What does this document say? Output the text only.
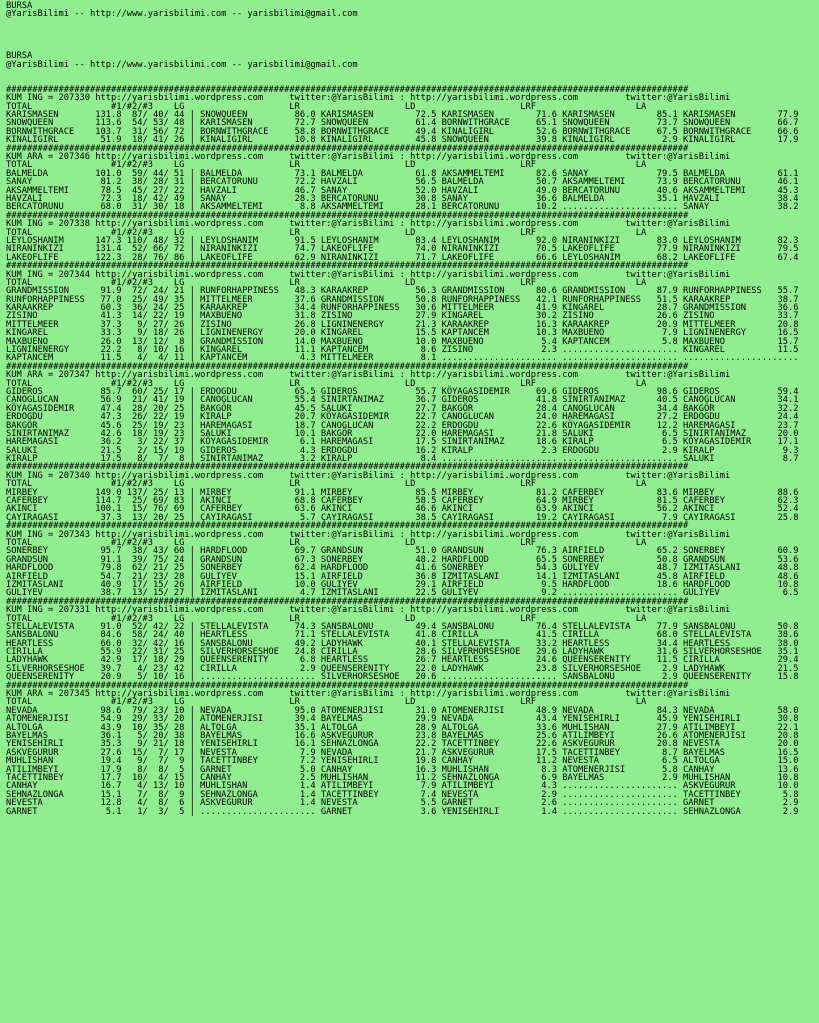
BURSA
@YarisBilimi -- http://www.yarisbilimi.com -- yarisbilimi@gmail.com
BURSA
@YarisBilimi -- http://www.yarisbilimi.com -- yarisbilimi@gmail.com
##################################################################################################################################
KUM ING = 207330 http://yarisbilimi.wordpress.com     twitter:@YarisBilimi : http://yarisbilimi.wordpress.com         twitter:@YarisBilimi
TOTAL               #1/#2/#3    LG                    LR                    LD                    LRF                   LA
KARISMASEN       131.8  87/ 40/ 44 | SNOWQUEEN         86.0 KARISMASEN        72.5 KARISMASEN        71.6 KARISMASEN        85.1 KARISMASEN        77.9
SNOWQUEEN        113.6  54/ 53/ 48 | KARISMASEN        72.7 SNOWQUEEN         61.4 BORNWITHGRACE     65.1 SNOWQUEEN         73.7 SNOWQUEEN         66.7
BORNWITHGRACE    103.7  31/ 56/ 72 | BORNWITHGRACE     58.8 BORNWITHGRACE     49.4 KINALIGIRL        52.6 BORNWITHGRACE     67.5 BORNWITHGRACE     66.6
KINALIGIRL        51.9  18/ 41/ 26 | KINALIGIRL        10.8 KINALIGIRL        45.8 SNOWQUEEN         39.8 KINALIGIRL         2.9 KINALIGIRL        17.9
##################################################################################################################################
KUM ARA = 207346 http://yarisbilimi.wordpress.com     twitter:@YarisBilimi : http://yarisbilimi.wordpress.com         twitter:@YarisBilimi
TOTAL               #1/#2/#3    LG                    LR                    LD                    LRF                   LA
BALMELDA         101.0  59/ 44/ 51 | BALMELDA          73.1 BALMELDA          61.8 AKSAMMELTEMI      82.6 SANAY             79.5 BALMELDA          61.1
SANAY             81.2  38/ 28/ 31 | BERCATORUNU       72.2 HAVZALI           56.5 BALMELDA          50.7 AKSAMMELTEMI      73.9 BERCATORUNU       46.1
AKSAMMELTEMI      78.5  45/ 27/ 22 | HAVZALI           46.7 SANAY             52.0 HAVZALI           49.0 BERCATORUNU       40.6 AKSAMMELTEMI      45.3
HAVZALI           72.3  18/ 42/ 49 | SANAY             28.3 BERCATORUNU       30.8 SANAY             36.6 BALMELDA          35.1 HAVZALI           38.4
BERCATORUNU       68.0  31/ 30/ 18 | AKSAMMELTEMI       8.8 AKSAMMELTEMI      28.1 BERCATORUNU       10.2 ...................... SANAY             38.2
##################################################################################################################################
KUM ING = 207338 http://yarisbilimi.wordpress.com     twitter:@YarisBilimi : http://yarisbilimi.wordpress.com         twitter:@YarisBilimi
TOTAL               #1/#2/#3    LG                    LR                    LD                    LRF                   LA
LEYLOSHANIM      147.3 110/ 48/ 32 | LEYLOSHANIM       91.5 LEYLOSHANIM       83.4 LEYLOSHANIM       92.0 NIRANINKIZI       83.0 LEYLOSHANIM       82.3
NIRANINKIZI      131.4  52/ 66/ 72 | NIRANINKIZI       74.7 LAKEOFLIFE        74.0 NIRANINKIZI       70.5 LAKEOFLIFE        77.9 NIRANINKIZI       79.5
LAKEOFLIFE       122.3  28/ 76/ 86 | LAKEOFLIFE        62.9 NIRANINKIZI       71.7 LAKEOFLIFE        66.6 LEYLOSHANIM       68.2 LAKEOFLIFE        67.4
##################################################################################################################################
KUM ING = 207344 http://yarisbilimi.wordpress.com     twitter:@YarisBilimi : http://yarisbilimi.wordpress.com         twitter:@YarisBilimi
TOTAL               #1/#2/#3    LG                    LR                    LD                    LRF                   LA
GRANDMISSION      91.9  72/ 24/ 21 | RUNFORHAPPINESS   48.3 KARAAKREP         56.3 GRANDMISSION      80.6 GRANDMISSION      87.9 RUNFORHAPPINESS   55.7
RUNFORHAPPINESS   77.0  25/ 49/ 35 | MITTELMEER        37.6 GRANDMISSION      50.8 RUNFORHAPPINESS   42.1 RUNFORHAPPINESS   51.5 KARAAKREP         38.7
KARAAKREP         60.3  36/ 24/ 25 | KARAAKREP         34.4 RUNFORHAPPINESS   30.6 MITTELMEER        41.9 KINGAREL          28.7 GRANDMISSION      36.6
ZISINO            41.3  14/ 22/ 19 | MAXBUENO          31.8 ZISINO            27.9 KINGAREL          30.2 ZISINO            26.6 ZISINO            33.7
MITTELMEER        37.3   9/ 27/ 26 | ZISINO            26.8 LIGNINENERGY      21.3 KARAAKREP         16.3 KARAAKREP         20.9 MITTELMEER        20.8
KINGAREL          33.3   9/ 18/ 26 | LIGNINENERGY      20.0 KINGAREL          15.5 KAPTANCEM         10.3 MAXBUENO           7.9 LIGNINENERGY      16.5
MAXBUENO          26.0  13/ 12/  8 | GRANDMISSION      14.0 MAXBUENO          10.0 MAXBUENO           5.4 KAPTANCEM          5.8 MAXBUENO          15.7
LIGNINENERGY      22.2   8/ 10/ 16 | KINGAREL          11.1 KAPTANCEM          8.6 ZISINO             2.3 ...................... KINGAREL          11.5
KAPTANCEM         11.5   4/  4/ 11 | KAPTANCEM          4.3 MITTELMEER         8.1 ...................... ...................... ......................
##################################################################################################################################
KUM ARA = 207347 http://yarisbilimi.wordpress.com     twitter:@YarisBilimi : http://yarisbilimi.wordpress.com         twitter:@YarisBilimi
TOTAL               #1/#2/#3    LG                    LR                    LD                    LRF                   LA
GIDEROS           85.7  60/ 25/ 17 | ERDOGDU           65.5 GIDEROS           55.7 KÖYAGASIDEMIR     69.6 GIDEROS           98.6 GIDEROS           59.4
CANOGLUCAN        56.9  21/ 41/ 19 | CANOGLUCAN        55.4 SINIRTANIMAZ      36.7 GIDEROS           41.8 SINIRTANIMAZ      40.5 CANOGLUCAN        34.1
KÖYAGASIDEMIR     47.4  28/ 20/ 25 | BAKGÖR            45.5 SALUKI            27.7 BAKGÖR            28.4 CANOGLUCAN        34.4 BAKGÖR            32.2
ERDOGDU           47.3  26/ 22/ 19 | KIRALP            20.7 KÖYAGASIDEMIR     22.7 CANOGLUCAN        24.0 HAREMAGASI        27.2 ERDOGDU           24.4
BAKGÖR            45.6  25/ 19/ 23 | HAREMAGASI        18.7 CANOGLUCAN        22.2 ERDOGDU           22.6 KÖYAGASIDEMIR     12.2 HAREMAGASI        23.7
SINIRTANIMAZ      42.6  18/ 19/ 23 | SALUKI            10.1 BAKGÖR            22.0 HAREMAGASI        21.8 SALUKI             6.5 SINIRTANIMAZ      20.0
HAREMAGASI        36.2   3/ 22/ 37 | KÖYAGASIDEMIR      6.1 HAREMAGASI        17.5 SINIRTANIMAZ      18.6 KIRALP             6.5 KÖYAGASIDEMIR     17.1
SALUKI            21.5   2/ 15/ 19 | GIDEROS            4.3 ERDOGDU           16.2 KIRALP             2.3 ERDOGDU            2.9 KIRALP             9.3
KIRALP            17.5   8/  7/  8 | SINIRTANIMAZ       3.2 KIRALP             8.4 ...................... ...................... SALUKI             8.7
##################################################################################################################################
KUM ING = 207340 http://yarisbilimi.wordpress.com     twitter:@YarisBilimi : http://yarisbilimi.wordpress.com         twitter:@YarisBilimi
TOTAL               #1/#2/#3    LG                    LR                    LD                    LRF                   LA
MIRBEY           149.0 137/ 25/ 13 | MIRBEY            91.1 MIRBEY            85.5 MIRBEY            81.2 CAFERBEY          83.6 MIRBEY            88.6
CAFERBEY         114.7  25/ 69/ 83 | AKINCI            68.8 CAFERBEY          58.5 CAFERBEY          64.9 MIRBEY            81.5 CAFERBEY          62.3
AKINCI           100.1  15/ 76/ 69 | CAFERBEY          63.6 AKINCI            46.6 AKINCI            63.9 AKINCI            56.2 AKINCI            52.4
ÇAYIRAGASI        37.3  13/ 20/ 25 | ÇAYIRAGASI         5.7 ÇAYIRAGASI        38.5 ÇAYIRAGASI        19.2 ÇAYIRAGASI         7.9 ÇAYIRAGASI        25.8
##################################################################################################################################
KUM ING = 207343 http://yarisbilimi.wordpress.com     twitter:@YarisBilimi : http://yarisbilimi.wordpress.com         twitter:@YarisBilimi
TOTAL               #1/#2/#3    LG                    LR                    LD                    LRF                   LA
SONERBEY          95.7  38/ 43/ 60 | HARDFLOOD         69.7 GRANDSUN          51.0 GRANDSUN          76.3 AIRFIELD          65.2 SONERBEY          60.9
GRANDSUN          91.1  39/ 75/ 24 | GRANDSUN          67.3 SONERBEY          48.2 HARDFLOOD         65.5 SONERBEY          50.8 GRANDSUN          53.6
HARDFLOOD         79.8  62/ 21/ 25 | SONERBEY          62.4 HARDFLOOD         41.6 SONERBEY          54.3 GULIYEV           48.7 IZMITASLANI       48.8
AIRFIELD          54.7  21/ 23/ 28 | GULIYEV           15.1 AIRFIELD          36.8 IZMITASLANI       14.1 IZMITASLANI       45.8 AIRFIELD          48.6
IZMITASLANI       40.9  17/ 15/ 26 | AIRFIELD          10.0 GULIYEV           29.1 AIRFIELD           9.5 HARDFLOOD         18.6 HARDFLOOD         10.8
GULIYEV           38.7  13/ 15/ 27 | IZMITASLANI        4.7 IZMITASLANI       22.5 GULIYEV            9.2 ...................... GULIYEV            6.5
##################################################################################################################################
KUM ING = 207331 http://yarisbilimi.wordpress.com     twitter:@YarisBilimi : http://yarisbilimi.wordpress.com         twitter:@YarisBilimi
TOTAL               #1/#2/#3    LG                    LR                    LD                    LRF                   LA
STELLALEVISTA     91.0  52/ 42/ 22 | STELLALEVISTA     74.3 SANSBALONU        49.4 SANSBALONU        76.4 STELLALEVISTA     77.9 SANSBALONU        50.8
SANSBALONU        84.6  58/ 24/ 40 | HEARTLESS         71.1 STELLALEVISTA     41.8 CIRILLA           41.5 CIRILLA           68.0 STELLALEVISTA     38.6
HEARTLESS         66.0  32/ 42/ 16 | SANSBALONU        49.2 LADYHAWK          40.1 STELLALEVISTA     33.2 HEARTLESS         34.4 HEARTLESS         38.0
CIRILLA           55.9  22/ 31/ 25 | SILVERHORSESHOE   24.8 CIRILLA           28.6 SILVERHORSESHOE   29.6 LADYHAWK          31.6 SILVERHORSESHOE   35.1
LADYHAWK          42.9  17/ 18/ 29 | QUEENSERENITY      6.8 HEARTLESS         26.7 HEARTLESS         24.6 QUEENSERENITY     11.5 CIRILLA           29.4
SILVERHORSESHOE   39.7   4/ 23/ 42 | CIRILLA            2.9 QUEENSERENITY     22.0 LADYHAWK          23.8 SILVERHORSESHOE    2.9 LADYHAWK          21.5
QUEENSERENITY     20.9   5/ 10/ 16 | ...................... SILVERHORSESHOE   20.6 ...................... SANSBALONU         2.9 QUEENSERENITY     15.8
##################################################################################################################################
KUM ARA = 207345 http://yarisbilimi.wordpress.com     twitter:@YarisBilimi : http://yarisbilimi.wordpress.com         twitter:@YarisBilimi
TOTAL               #1/#2/#3    LG                    LR                    LD                    LRF                   LA
NEVADA            98.6  79/ 23/ 10 | NEVADA            95.0 ATOMENERJISI      31.0 ATOMENERJISI      48.9 NEVADA            84.3 NEVADA            58.0
ATOMENERJISI      54.9  29/ 33/ 20 | ATOMENERJISI      39.4 BAYELMAS          29.9 NEVADA            43.4 YENISEHIRLI       45.9 YENISEHIRLI       30.8
ALTOLGA           43.9  10/ 35/ 28 | ALTOLGA           35.1 ALTOLGA           28.9 ALTOLGA           33.6 MUHLISHAN         27.9 ATILIMBEYI        22.1
BAYELMAS          36.1   5/ 20/ 38 | BAYELMAS          16.6 ASKVEGURUR        23.8 BAYELMAS          25.6 ATILIMBEYI        26.6 ATOMENERJISI      20.8
YENISEHIRLI       35.3   9/ 21/ 18 | YENISEHIRLI       16.1 SEHNAZLONGA       22.2 TACETTINBEY       22.6 ASKVEGURUR        20.8 NEVESTA           20.0
ASKVEGURUR        27.6  15/  7/ 17 | NEVESTA            7.9 NEVADA            21.7 ASKVEGURUR        17.5 TACETTINBEY        8.7 BAYELMAS          16.5
MUHLISHAN         19.4   9/  7/  9 | TACETTINBEY        7.2 YENISEHIRLI       19.8 CANHAY            11.2 NEVESTA            6.5 ALTOLGA           15.0
ATILIMBEYI        17.9   8/  8/  5 | GARNET             5.0 CANHAY            16.3 MUHLISHAN          8.3 ATOMENERJISI       5.8 CANHAY            13.6
TACETTINBEY       17.7  10/  4/ 15 | CANHAY             2.5 MUHLISHAN         11.2 SEHNAZLONGA        6.9 BAYELMAS           2.9 MUHLISHAN         10.8
CANHAY            16.7   4/ 13/ 10 | MUHLISHAN          1.4 ATILIMBEYI         7.9 ATILIMBEYI         4.3 ...................... ASKVEGURUR        10.0
SEHNAZLONGA       15.1   7/  8/  9 | SEHNAZLONGA        1.4 TACETTINBEY        7.4 NEVESTA            2.9 ...................... TACETTINBEY        5.8
NEVESTA           12.8   4/  8/  6 | ASKVEGURUR         1.4 NEVESTA            5.5 GARNET             2.6 ...................... GARNET             2.9
GARNET             5.1   1/  3/  5 | ...................... GARNET             3.6 YENISEHIRLI        1.4 ...................... SEHNAZLONGA        2.9
